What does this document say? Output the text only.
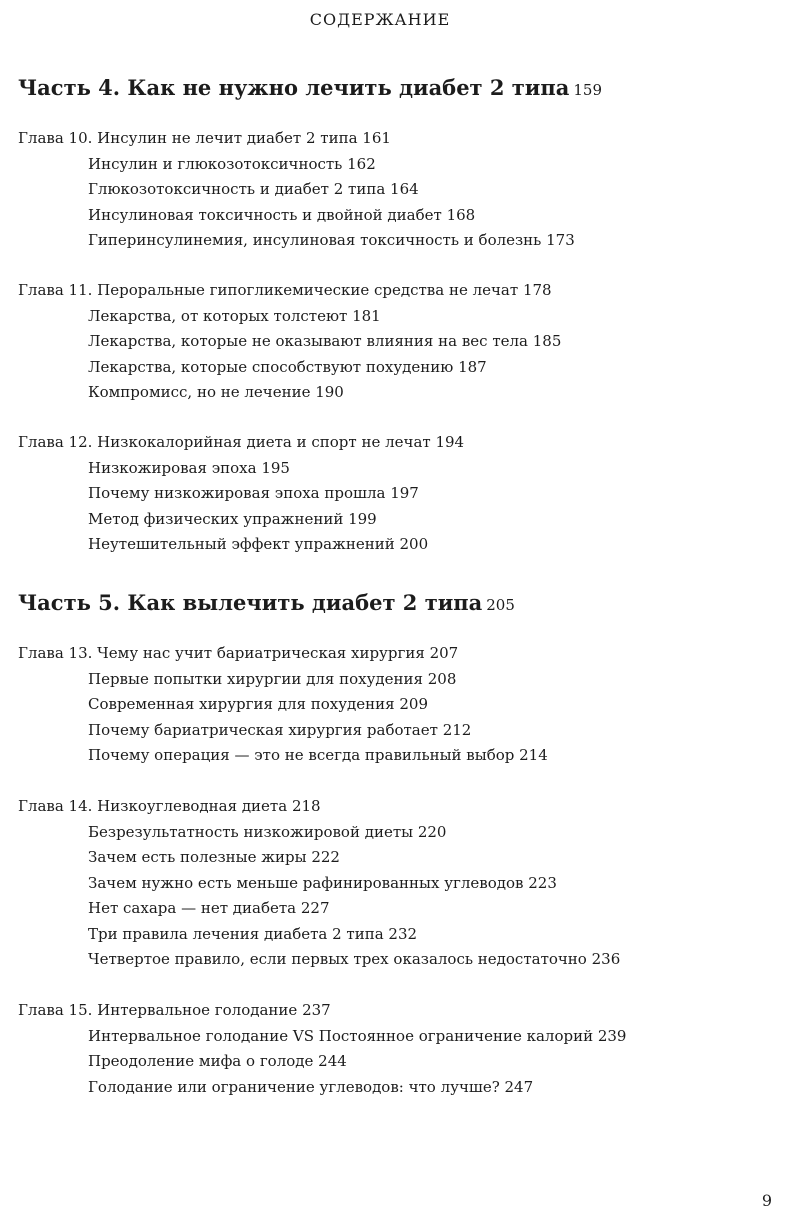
СОДЕРЖАНИЕ
Часть 4. Как не нужно лечить диабет 2 типа 159
Глава 10. Инсулин не лечит диабет 2 типа 161
Инсулин и глюкозотоксичность 162
Глюкозотоксичность и диабет 2 типа 164
Инсулиновая токсичность и двойной диабет 168
Гиперинсулинемия, инсулиновая токсичность и болезнь 173
Глава 11. Пероральные гипогликемические средства не лечат 178
Лекарства, от которых толстеют 181
Лекарства, которые не оказывают влияния на вес тела 185
Лекарства, которые способствуют похудению 187
Компромисс, но не лечение 190
Глава 12. Низкокалорийная диета и спорт не лечат 194
Низкожировая эпоха 195
Почему низкожировая эпоха прошла 197
Метод физических упражнений 199
Неутешительный эффект упражнений 200
Часть 5. Как вылечить диабет 2 типа 205
Глава 13. Чему нас учит бариатрическая хирургия 207
Первые попытки хирургии для похудения 208
Современная хирургия для похудения 209
Почему бариатрическая хирургия работает 212
Почему операция — это не всегда правильный выбор 214
Глава 14. Низкоуглеводная диета 218
Безрезультатность низкожировой диеты 220
Зачем есть полезные жиры 222
Зачем нужно есть меньше рафинированных углеводов 223
Нет сахара — нет диабета 227
Три правила лечения диабета 2 типа 232
Четвертое правило, если первых трех оказалось недостаточно 236
Глава 15. Интервальное голодание 237
Интервальное голодание VS Постоянное ограничение калорий 239
Преодоление мифа о голоде 244
Голодание или ограничение углеводов: что лучше? 247
9
